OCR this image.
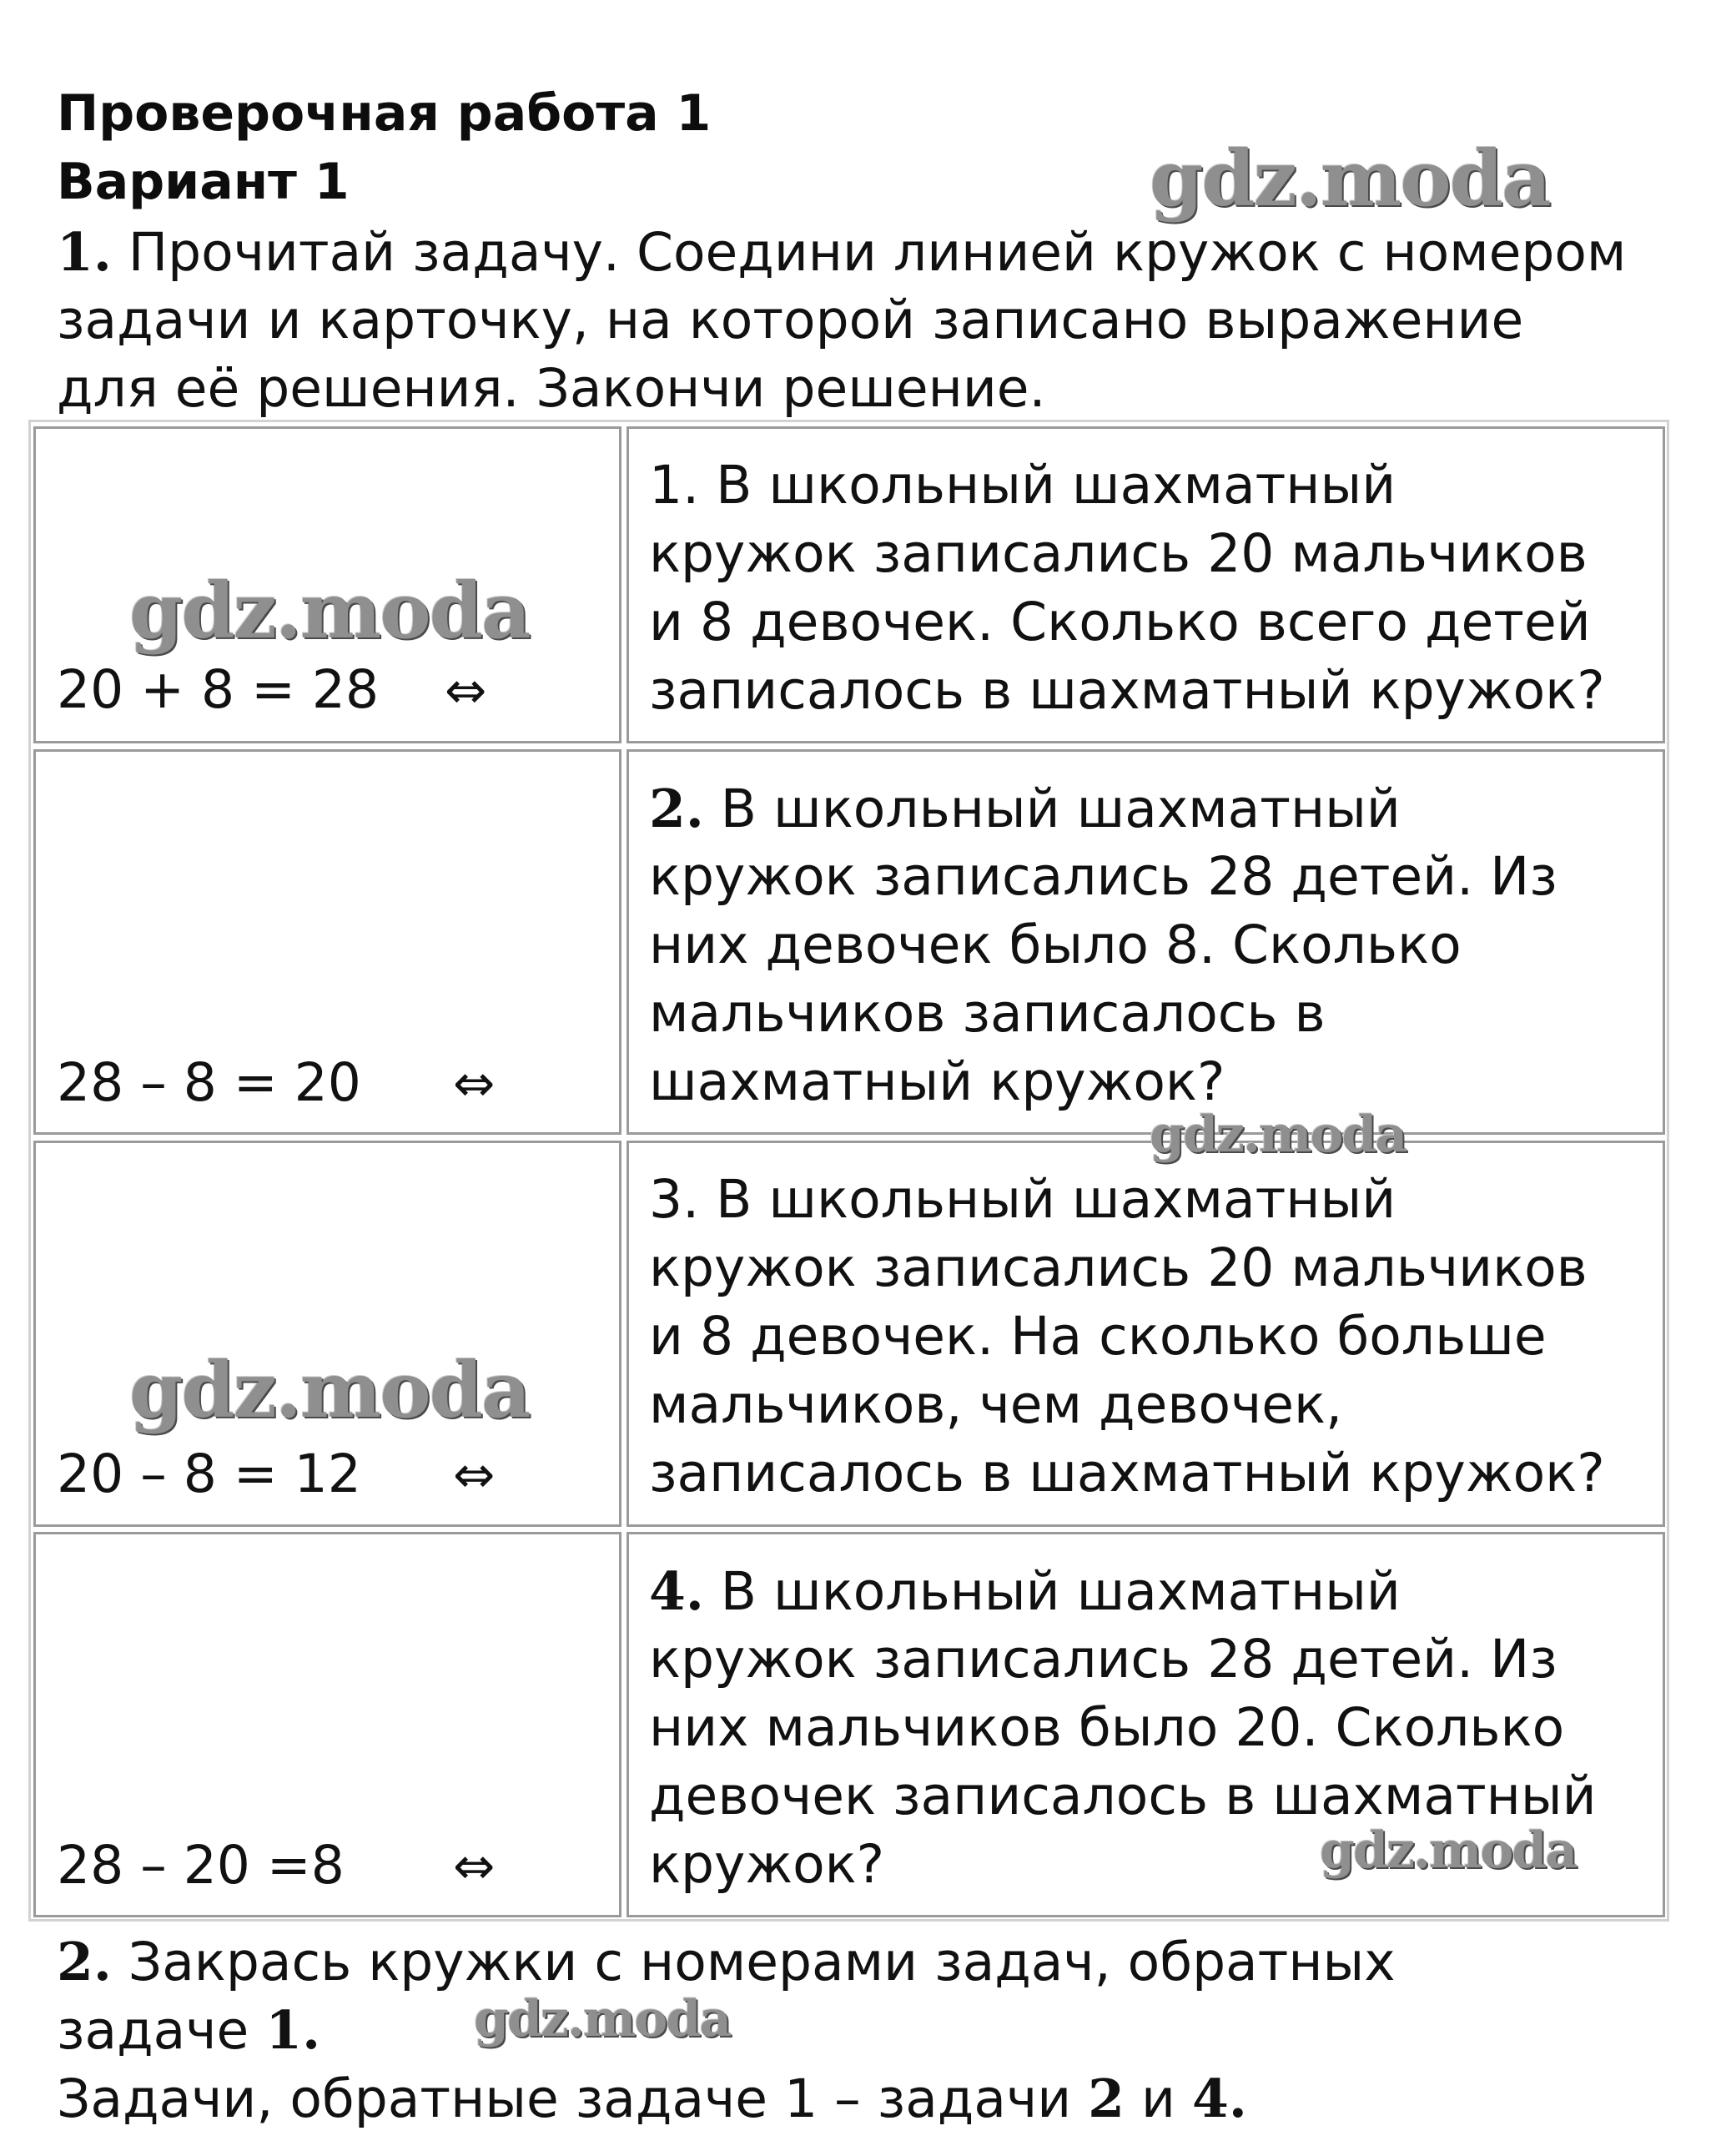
Проверочная работа 1
Вариант 1
1. Прочитай задачу. Соедини линией кружок с номером
задачи и карточку, на которой записано выражение
для её решения. Закончи решение.
20 + 8 = 28 ⇔
1. В школьный шахматный
кружок записались 20 мальчиков
и 8 девочек. Сколько всего детей
записалось в шахматный кружок?
28 – 8 = 20 ⇔
2. В школьный шахматный
кружок записались 28 детей. Из
них девочек было 8. Сколько
мальчиков записалось в
шахматный кружок?
20 – 8 = 12 ⇔
3. В школьный шахматный
кружок записались 20 мальчиков
и 8 девочек. На сколько больше
мальчиков, чем девочек,
записалось в шахматный кружок?
28 – 20 =8 ⇔
4. В школьный шахматный
кружок записались 28 детей. Из
них мальчиков было 20. Сколько
девочек записалось в шахматный
кружок?
2. Закрась кружки с номерами задач, обратных
задаче 1.
Задачи, обратные задаче 1 – задачи 2 и 4.
gdz.moda
gdz.moda
gdz.moda
gdz.moda
gdz.moda
gdz.moda
